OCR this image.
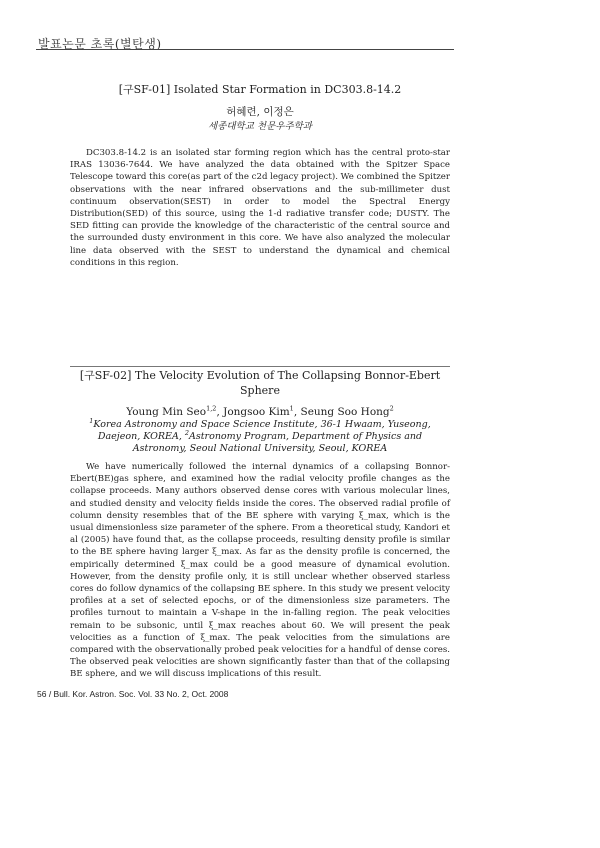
발표논문 초록(별탄생)
[구SF-01] Isolated Star Formation in DC303.8-14.2
허혜련, 이정은
세종대학교 천문우주학과

DC303.8-14.2 is an isolated star forming region which has the central proto-star IRAS 13036-7644. We have analyzed the data obtained with the Spitzer Space Telescope toward this core(as part of the c2d legacy project). We combined the Spitzer observations with the near infrared observations and the sub-millimeter dust continuum observation(SEST) in order to model the Spectral Energy Distribution(SED) of this source, using the 1-d radiative transfer code; DUSTY. The SED fitting can provide the knowledge of the characteristic of the central source and the surrounded dusty environment in this core. We have also analyzed the molecular line data observed with the SEST to understand the dynamical and chemical conditions in this region.

[구SF-02] The Velocity Evolution of The Collapsing Bonnor-Ebert Sphere
Young Min Seo$^{1,2}$, Jongsoo Kim$^1$, Seung Soo Hong$^2$
$^1$Korea Astronomy and Space Science Institute, 36-1 Hwaam, Yuseong, Daejeon, KOREA, $^2$Astronomy Program, Department of Physics and Astronomy, Seoul National University, Seoul, KOREA

We have numerically followed the internal dynamics of a collapsing Bonnor-Ebert(BE)gas sphere, and examined how the radial velocity profile changes as the collapse proceeds. Many authors observed dense cores with various molecular lines, and studied density and velocity fields inside the cores. The observed radial profile of column density resembles that of the BE sphere with varying ξ_max, which is the usual dimensionless size parameter of the sphere. From a theoretical study, Kandori et al (2005) have found that, as the collapse proceeds, resulting density profile is similar to the BE sphere having larger ξ_max. As far as the density profile is concerned, the empirically determined ξ_max could be a good measure of dynamical evolution. However, from the density profile only, it is still unclear whether observed starless cores do follow dynamics of the collapsing BE sphere. In this study we present velocity profiles at a set of selected epochs, or of the dimensionless size parameters. The profiles turnout to maintain a V-shape in the in-falling region. The peak velocities remain to be subsonic, until ξ_max reaches about 60. We will present the peak velocities as a function of ξ_max. The peak velocities from the simulations are compared with the observationally probed peak velocities for a handful of dense cores. The observed peak velocities are shown significantly faster than that of the collapsing BE sphere, and we will discuss implications of this result.

56 / Bull. Kor. Astron. Soc. Vol. 33 No. 2, Oct. 2008
